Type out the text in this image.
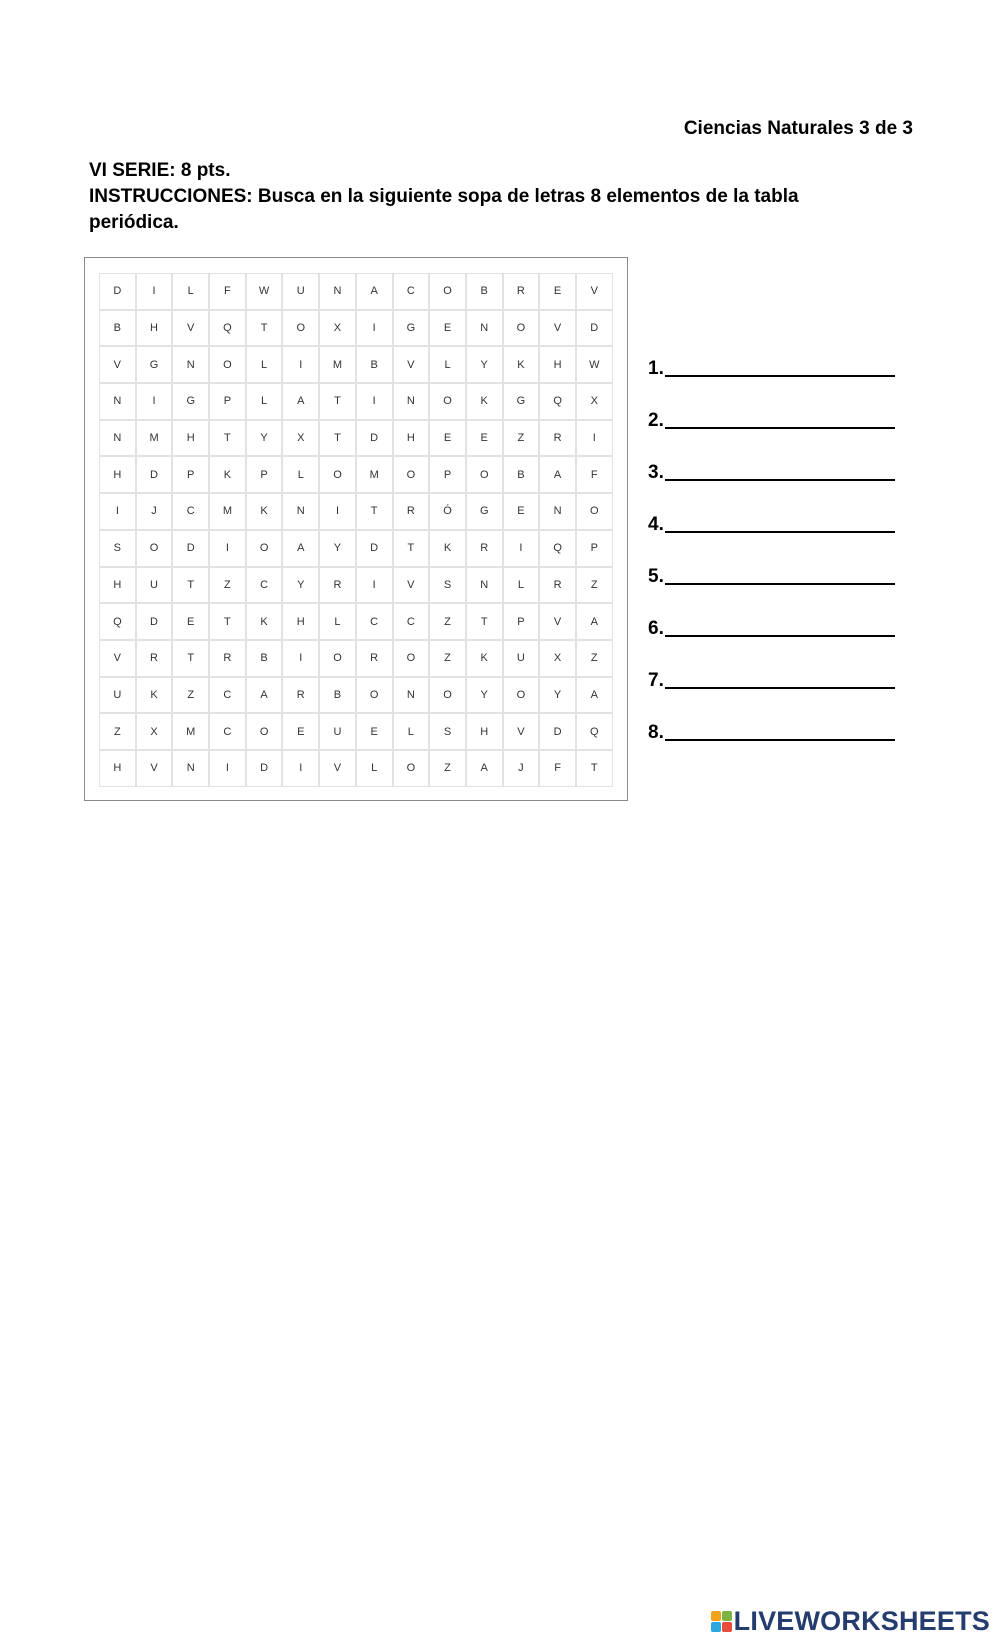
Ciencias Naturales 3 de 3
VI SERIE: 8 pts.
INSTRUCCIONES: Busca en la siguiente sopa de letras 8 elementos de la tabla periódica.
D	I	L	F	W	U	N	A	C	O	B	R	E	V
B	H	V	Q	T	O	X	I	G	E	N	O	V	D
V	G	N	O	L	I	M	B	V	L	Y	K	H	W
N	I	G	P	L	A	T	I	N	O	K	G	Q	X
N	M	H	T	Y	X	T	D	H	E	E	Z	R	I
H	D	P	K	P	L	O	M	O	P	O	B	A	F
I	J	C	M	K	N	I	T	R	Ó	G	E	N	O
S	O	D	I	O	A	Y	D	T	K	R	I	Q	P
H	U	T	Z	C	Y	R	I	V	S	N	L	R	Z
Q	D	E	T	K	H	L	C	C	Z	T	P	V	A
V	R	T	R	B	I	O	R	O	Z	K	U	X	Z
U	K	Z	C	A	R	B	O	N	O	Y	O	Y	A
Z	X	M	C	O	E	U	E	L	S	H	V	D	Q
H	V	N	I	D	I	V	L	O	Z	A	J	F	T
1.
2.
3.
4.
5.
6.
7.
8.
LIVEWORKSHEETS
